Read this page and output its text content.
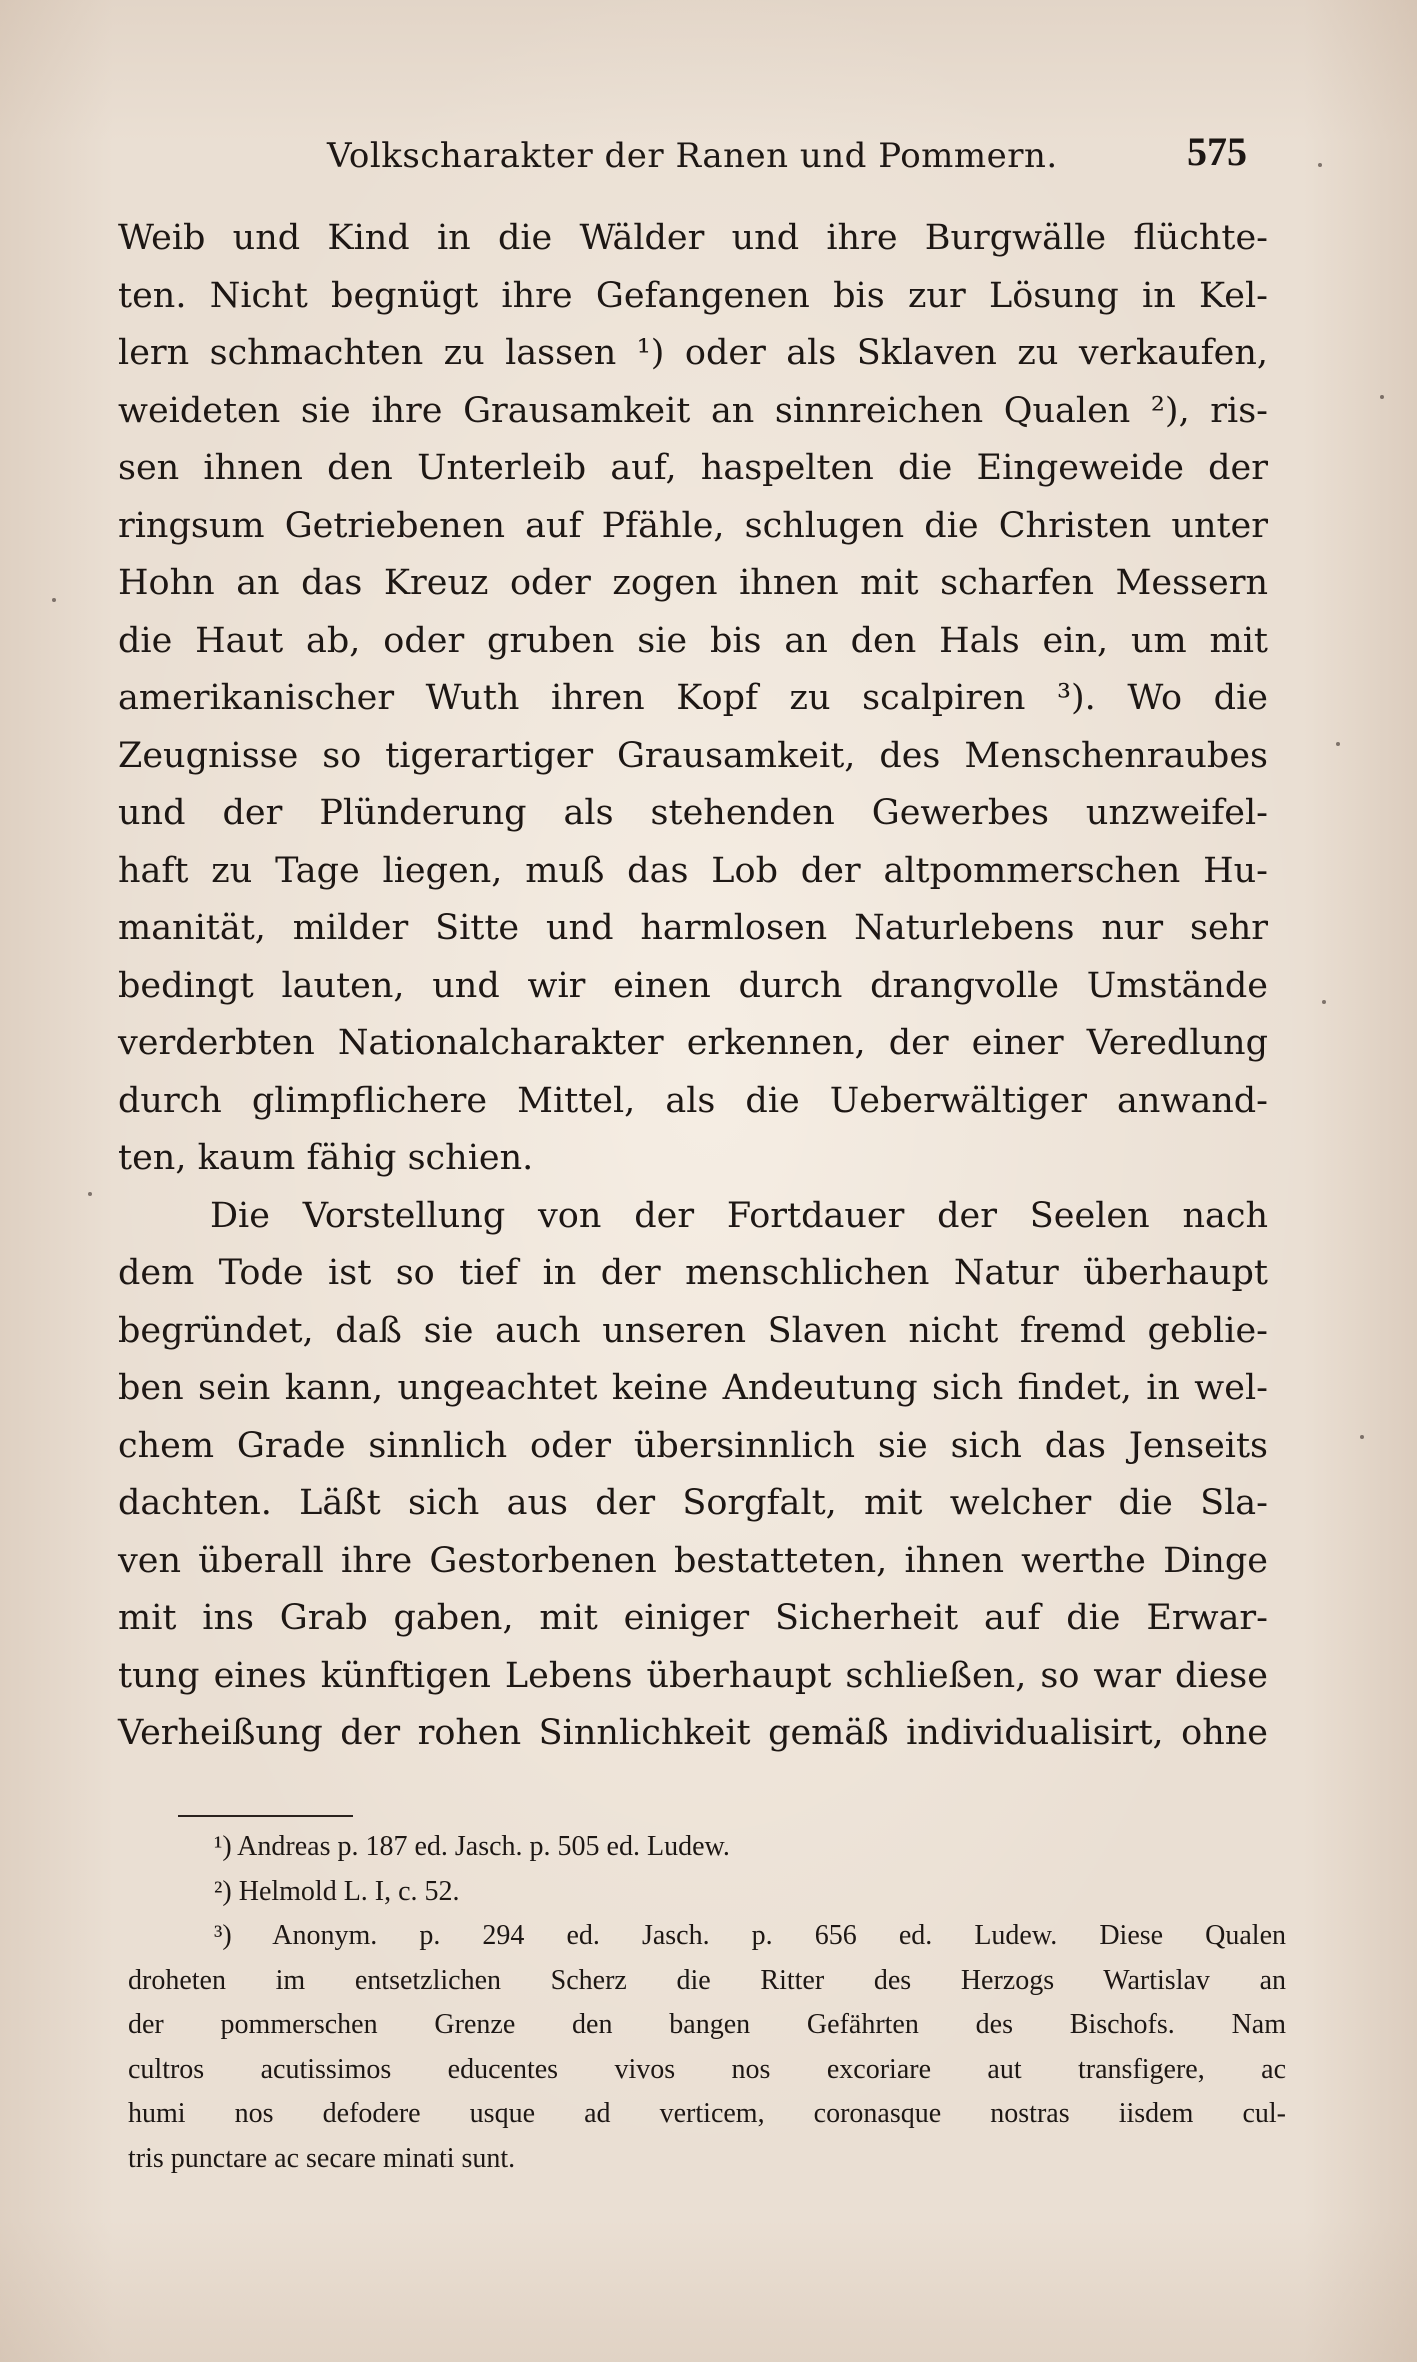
Volkscharakter der Ranen und Pommern.	575
Weib und Kind in die Wälder und ihre Burgwälle flüchte-
ten. Nicht begnügt ihre Gefangenen bis zur Lösung in Kel-
lern schmachten zu lassen ¹) oder als Sklaven zu verkaufen,
weideten sie ihre Grausamkeit an sinnreichen Qualen ²), ris-
sen ihnen den Unterleib auf, haspelten die Eingeweide der
ringsum Getriebenen auf Pfähle, schlugen die Christen unter
Hohn an das Kreuz oder zogen ihnen mit scharfen Messern
die Haut ab, oder gruben sie bis an den Hals ein, um mit
amerikanischer Wuth ihren Kopf zu scalpiren ³). Wo die
Zeugnisse so tigerartiger Grausamkeit, des Menschenraubes
und der Plünderung als stehenden Gewerbes unzweifel-
haft zu Tage liegen, muß das Lob der altpommerschen Hu-
manität, milder Sitte und harmlosen Naturlebens nur sehr
bedingt lauten, und wir einen durch drangvolle Umstände
verderbten Nationalcharakter erkennen, der einer Veredlung
durch glimpflichere Mittel, als die Ueberwältiger anwand-
ten, kaum fähig schien.
Die Vorstellung von der Fortdauer der Seelen nach
dem Tode ist so tief in der menschlichen Natur überhaupt
begründet, daß sie auch unseren Slaven nicht fremd geblie-
ben sein kann, ungeachtet keine Andeutung sich findet, in wel-
chem Grade sinnlich oder übersinnlich sie sich das Jenseits
dachten. Läßt sich aus der Sorgfalt, mit welcher die Sla-
ven überall ihre Gestorbenen bestatteten, ihnen werthe Dinge
mit ins Grab gaben, mit einiger Sicherheit auf die Erwar-
tung eines künftigen Lebens überhaupt schließen, so war diese
Verheißung der rohen Sinnlichkeit gemäß individualisirt, ohne
¹) Andreas p. 187 ed. Jasch. p. 505 ed. Ludew.
²) Helmold L. I, c. 52.
³) Anonym. p. 294 ed. Jasch. p. 656 ed. Ludew. Diese Qualen
droheten im entsetzlichen Scherz die Ritter des Herzogs Wartislav an
der pommerschen Grenze den bangen Gefährten des Bischofs. Nam
cultros acutissimos educentes vivos nos excoriare aut transfigere, ac
humi nos defodere usque ad verticem, coronasque nostras iisdem cul-
tris punctare ac secare minati sunt.
